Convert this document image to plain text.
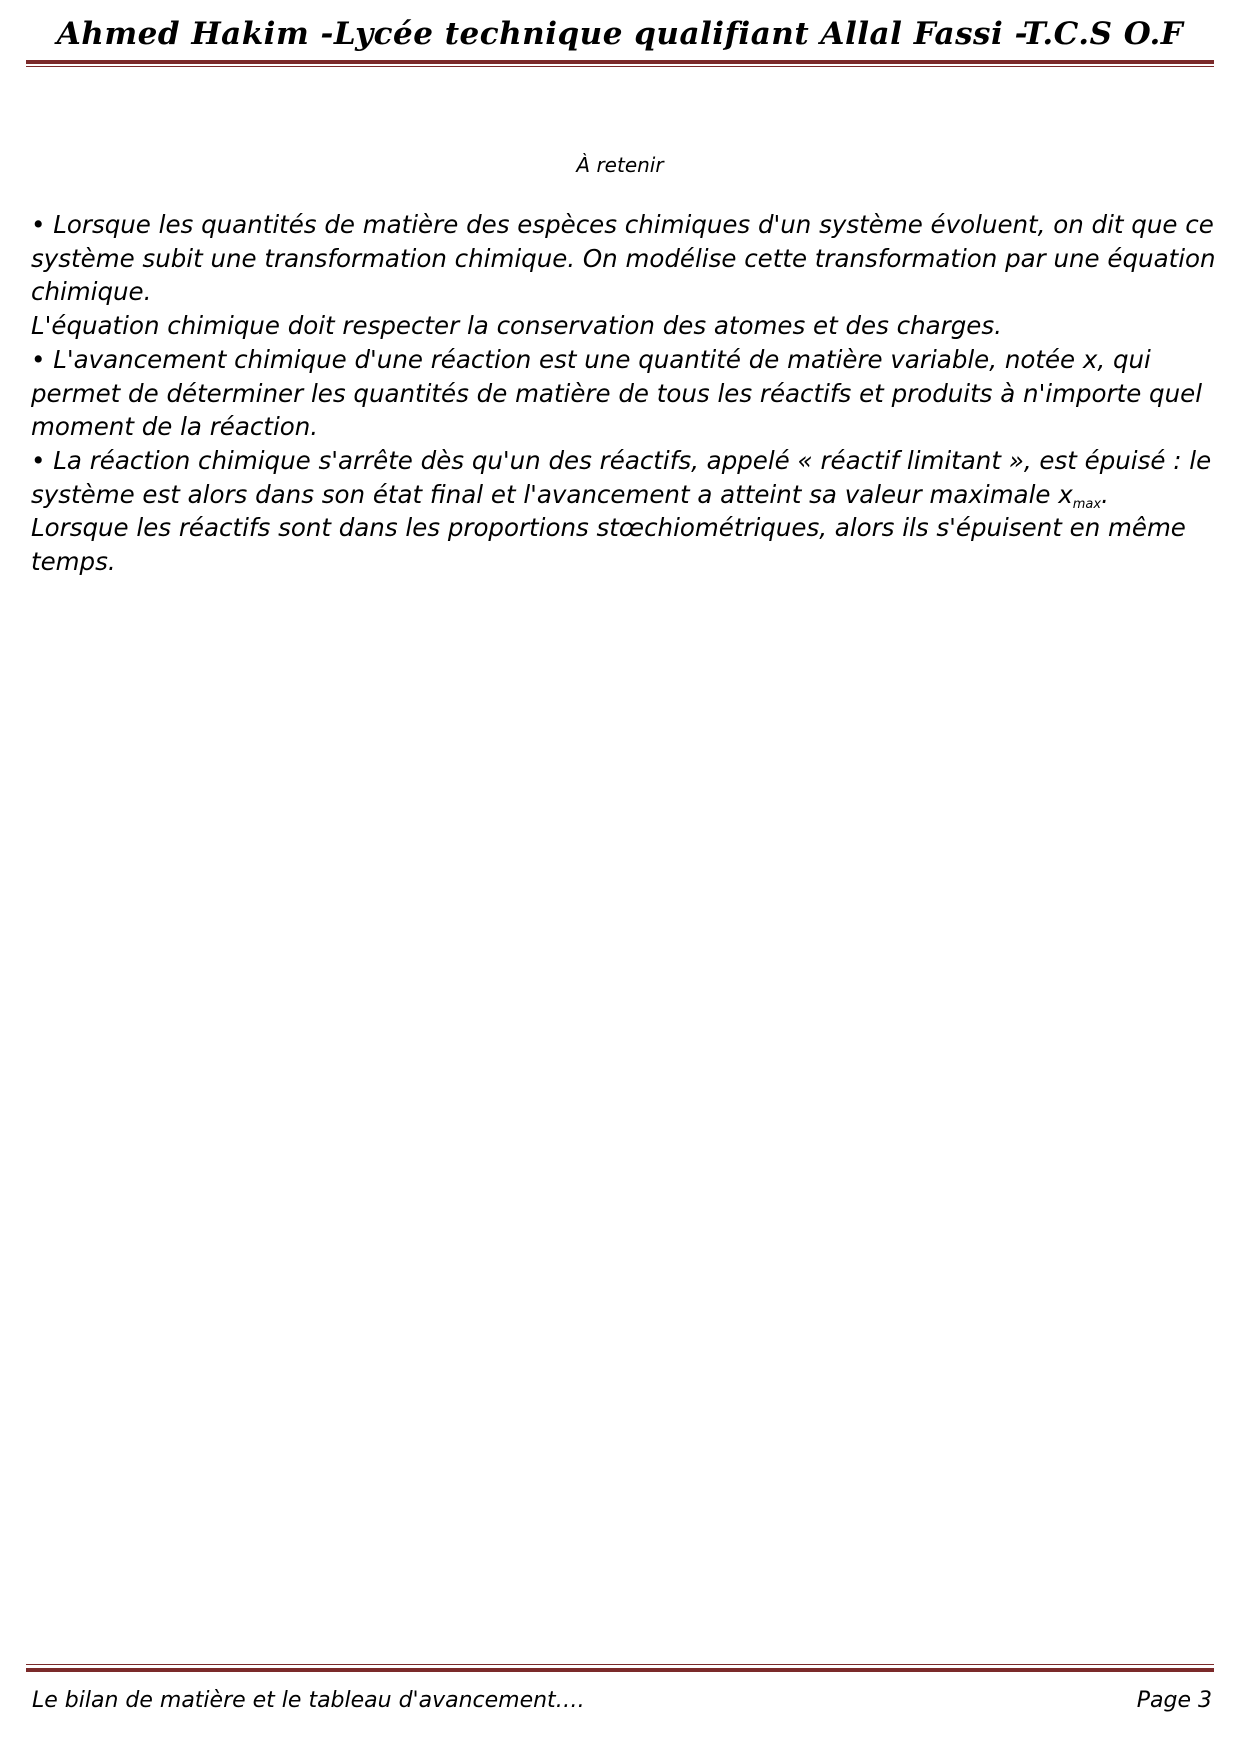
Ahmed Hakim -Lycée technique qualifiant Allal Fassi -T.C.S O.F
À retenir

• Lorsque les quantités de matière des espèces chimiques d'un système évoluent, on dit que ce système subit une transformation chimique. On modélise cette transformation par une équation chimique.

L'équation chimique doit respecter la conservation des atomes et des charges.

• L'avancement chimique d'une réaction est une quantité de matière variable, notée x, qui permet de déterminer les quantités de matière de tous les réactifs et produits à n'importe quel moment de la réaction.

• La réaction chimique s'arrête dès qu'un des réactifs, appelé « réactif limitant », est épuisé : le système est alors dans son état final et l'avancement a atteint sa valeur maximale $x_{max}$.

Lorsque les réactifs sont dans les proportions stœchiométriques, alors ils s'épuisent en même temps.

Le bilan de matière et le tableau d'avancement….	Page 3
